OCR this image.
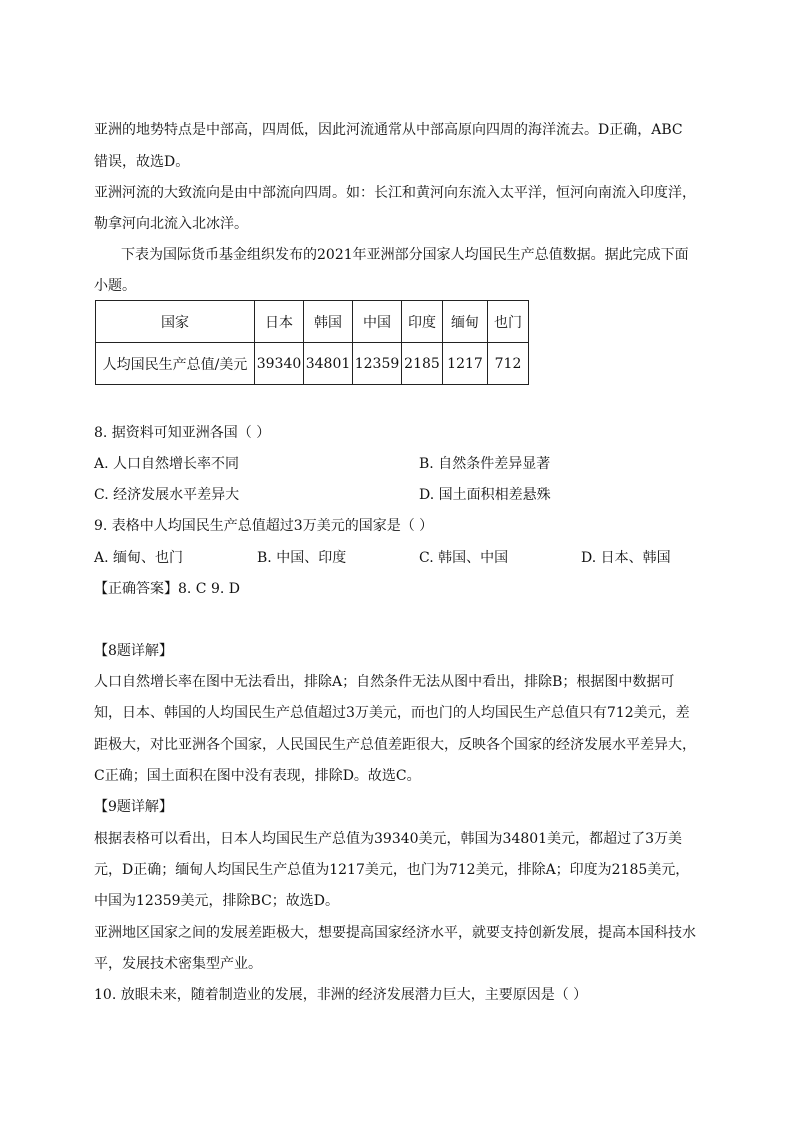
亚洲的地势特点是中部高，四周低，因此河流通常从中部高原向四周的海洋流去。D正确，ABC
错误，故选D。
亚洲河流的大致流向是由中部流向四周。如：长江和黄河向东流入太平洋，恒河向南流入印度洋，
勒拿河向北流入北冰洋。
下表为国际货币基金组织发布的2021年亚洲部分国家人均国民生产总值数据。据此完成下面
小题。
国家	日本	韩国	中国	印度	缅甸	也门
人均国民生产总值/美元	39340	34801	12359	2185	1217	712
8. 据资料可知亚洲各国（ ）
A. 人口自然增长率不同	B. 自然条件差异显著
C. 经济发展水平差异大	D. 国土面积相差悬殊
9. 表格中人均国民生产总值超过3万美元的国家是（ ）
A. 缅甸、也门	B. 中国、印度	C. 韩国、中国	D. 日本、韩国
【正确答案】8. C 9. D
【8题详解】
人口自然增长率在图中无法看出，排除A；自然条件无法从图中看出，排除B；根据图中数据可
知，日本、韩国的人均国民生产总值超过3万美元，而也门的人均国民生产总值只有712美元，差
距极大，对比亚洲各个国家，人民国民生产总值差距很大，反映各个国家的经济发展水平差异大，
C正确；国土面积在图中没有表现，排除D。故选C。
【9题详解】
根据表格可以看出，日本人均国民生产总值为39340美元，韩国为34801美元，都超过了3万美
元，D正确；缅甸人均国民生产总值为1217美元，也门为712美元，排除A；印度为2185美元，
中国为12359美元，排除BC；故选D。
亚洲地区国家之间的发展差距极大，想要提高国家经济水平，就要支持创新发展，提高本国科技水
平，发展技术密集型产业。
10. 放眼未来，随着制造业的发展，非洲的经济发展潜力巨大，主要原因是（ ）
